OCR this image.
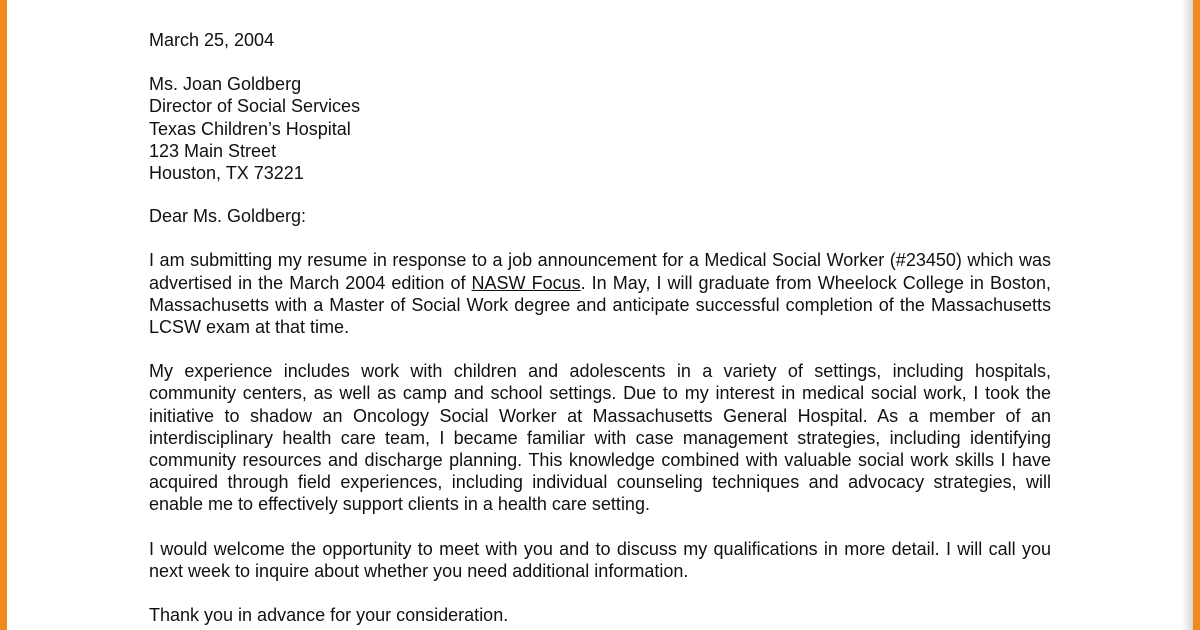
March 25, 2004

Ms. Joan Goldberg

Director of Social Services

Texas Children’s Hospital

123 Main Street

Houston, TX 73221

Dear Ms. Goldberg:

I am submitting my resume in response to a job announcement for a Medical Social Worker (#23450) which was advertised in the March 2004 edition of NASW Focus. In May, I will graduate from Wheelock College in Boston, Massachusetts with a Master of Social Work degree and anticipate successful completion of the Massachusetts LCSW exam at that time.

My experience includes work with children and adolescents in a variety of settings, including hospitals, community centers, as well as camp and school settings. Due to my interest in medical social work, I took the initiative to shadow an Oncology Social Worker at Massachusetts General Hospital. As a member of an interdisciplinary health care team, I became familiar with case management strategies, including identifying community resources and discharge planning. This knowledge combined with valuable social work skills I have acquired through field experiences, including individual counseling techniques and advocacy strategies, will enable me to effectively support clients in a health care setting.

I would welcome the opportunity to meet with you and to discuss my qualifications in more detail. I will call you next week to inquire about whether you need additional information.

Thank you in advance for your consideration.
